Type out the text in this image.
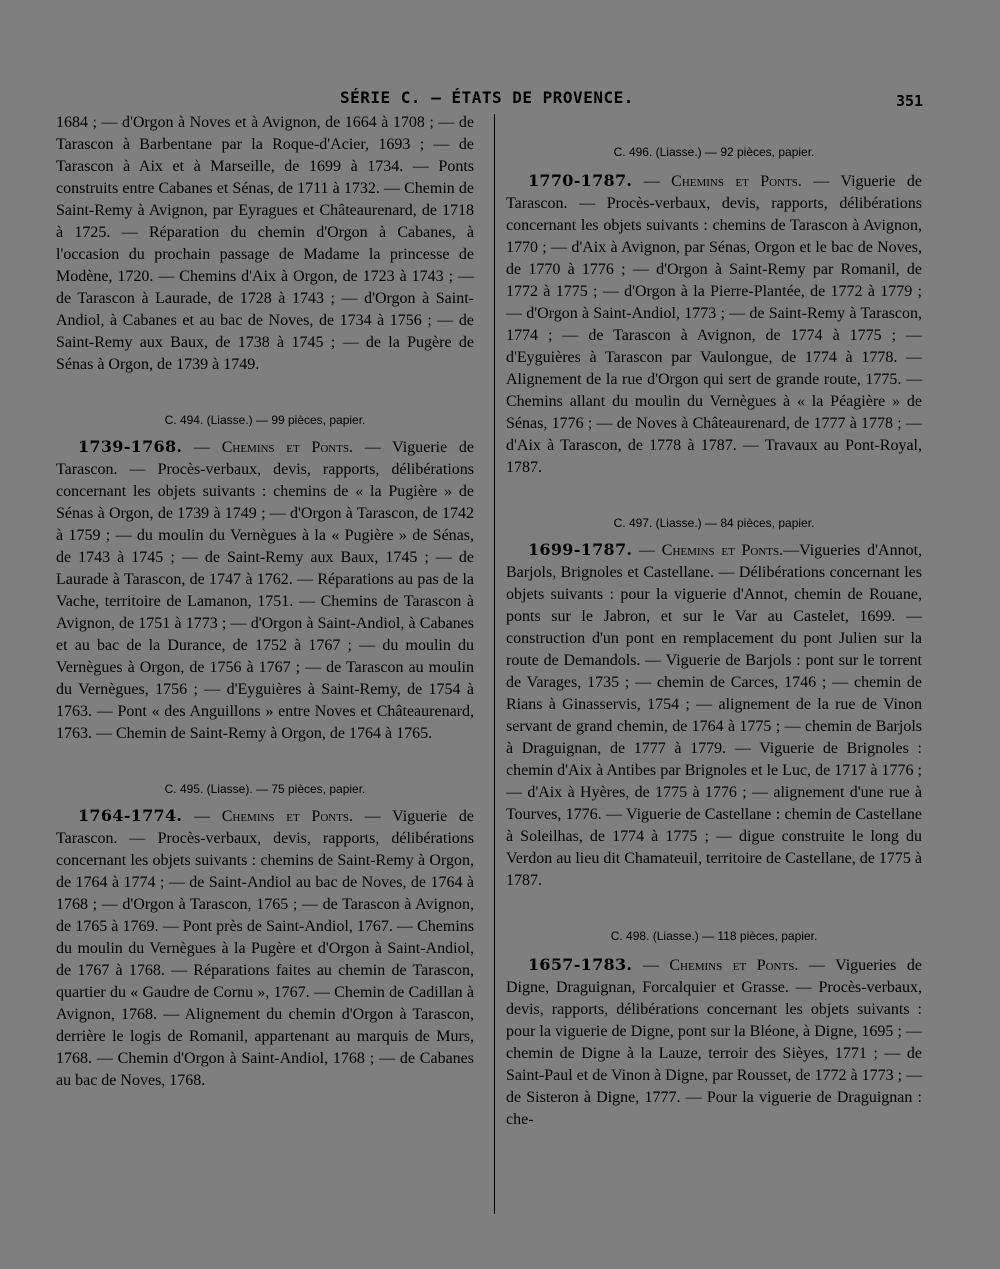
SÉRIE C. — ÉTATS DE PROVENCE.	351

1684 ; — d'Orgon à Noves et à Avignon, de 1664 à 1708 ; — de Tarascon à Barbentane par la Roque-d'Acier, 1693 ; — de Tarascon à Aix et à Marseille, de 1699 à 1734. — Ponts construits entre Cabanes et Sénas, de 1711 à 1732. — Chemin de Saint-Remy à Avignon, par Eyragues et Châteaurenard, de 1718 à 1725. — Réparation du chemin d'Orgon à Cabanes, à l'occasion du prochain passage de Madame la princesse de Modène, 1720. — Chemins d'Aix à Orgon, de 1723 à 1743 ; — de Tarascon à Laurade, de 1728 à 1743 ; — d'Orgon à Saint-Andiol, à Cabanes et au bac de Noves, de 1734 à 1756 ; — de Saint-Remy aux Baux, de 1738 à 1745 ; — de la Pugère de Sénas à Orgon, de 1739 à 1749.

C. 494. (Liasse.) — 99 pièces, papier.

1739-1768. — Chemins et Ponts. — Viguerie de Tarascon. — Procès-verbaux, devis, rapports, délibérations concernant les objets suivants : chemins de « la Pugière » de Sénas à Orgon, de 1739 à 1749 ; — d'Orgon à Tarascon, de 1742 à 1759 ; — du moulin du Vernègues à la « Pugière » de Sénas, de 1743 à 1745 ; — de Saint-Remy aux Baux, 1745 ; — de Laurade à Tarascon, de 1747 à 1762. — Réparations au pas de la Vache, territoire de Lamanon, 1751. — Chemins de Tarascon à Avignon, de 1751 à 1773 ; — d'Orgon à Saint-Andiol, à Cabanes et au bac de la Durance, de 1752 à 1767 ; — du moulin du Vernègues à Orgon, de 1756 à 1767 ; — de Tarascon au moulin du Vernègues, 1756 ; — d'Eyguières à Saint-Remy, de 1754 à 1763. — Pont « des Anguillons » entre Noves et Châteaurenard, 1763. — Chemin de Saint-Remy à Orgon, de 1764 à 1765.

C. 495. (Liasse). — 75 pièces, papier.

1764-1774. — Chemins et Ponts. — Viguerie de Tarascon. — Procès-verbaux, devis, rapports, délibérations concernant les objets suivants : chemins de Saint-Remy à Orgon, de 1764 à 1774 ; — de Saint-Andiol au bac de Noves, de 1764 à 1768 ; — d'Orgon à Tarascon, 1765 ; — de Tarascon à Avignon, de 1765 à 1769. — Pont près de Saint-Andiol, 1767. — Chemins du moulin du Vernègues à la Pugère et d'Orgon à Saint-Andiol, de 1767 à 1768. — Réparations faites au chemin de Tarascon, quartier du « Gaudre de Cornu », 1767. — Chemin de Cadillan à Avignon, 1768. — Alignement du chemin d'Orgon à Tarascon, derrière le logis de Romanil, appartenant au marquis de Murs, 1768. — Chemin d'Orgon à Saint-Andiol, 1768 ; — de Cabanes au bac de Noves, 1768.

C. 496. (Liasse.) — 92 pièces, papier.

1770-1787. — Chemins et Ponts. — Viguerie de Tarascon. — Procès-verbaux, devis, rapports, délibérations concernant les objets suivants : chemins de Tarascon à Avignon, 1770 ; — d'Aix à Avignon, par Sénas, Orgon et le bac de Noves, de 1770 à 1776 ; — d'Orgon à Saint-Remy par Romanil, de 1772 à 1775 ; — d'Orgon à la Pierre-Plantée, de 1772 à 1779 ; — d'Orgon à Saint-Andiol, 1773 ; — de Saint-Remy à Tarascon, 1774 ; — de Tarascon à Avignon, de 1774 à 1775 ; — d'Eyguières à Tarascon par Vaulongue, de 1774 à 1778. — Alignement de la rue d'Orgon qui sert de grande route, 1775. — Chemins allant du moulin du Vernègues à « la Péagière » de Sénas, 1776 ; — de Noves à Châteaurenard, de 1777 à 1778 ; — d'Aix à Tarascon, de 1778 à 1787. — Travaux au Pont-Royal, 1787.

C. 497. (Liasse.) — 84 pièces, papier.

1699-1787. — Chemins et Ponts.—Vigueries d'Annot, Barjols, Brignoles et Castellane. — Délibérations concernant les objets suivants : pour la viguerie d'Annot, chemin de Rouane, ponts sur le Jabron, et sur le Var au Castelet, 1699. — construction d'un pont en remplacement du pont Julien sur la route de Demandols. — Viguerie de Barjols : pont sur le torrent de Varages, 1735 ; — chemin de Carces, 1746 ; — chemin de Rians à Ginasservis, 1754 ; — alignement de la rue de Vinon servant de grand chemin, de 1764 à 1775 ; — chemin de Barjols à Draguignan, de 1777 à 1779. — Viguerie de Brignoles : chemin d'Aix à Antibes par Brignoles et le Luc, de 1717 à 1776 ; — d'Aix à Hyères, de 1775 à 1776 ; — alignement d'une rue à Tourves, 1776. — Viguerie de Castellane : chemin de Castellane à Soleilhas, de 1774 à 1775 ; — digue construite le long du Verdon au lieu dit Chamateuil, territoire de Castellane, de 1775 à 1787.

C. 498. (Liasse.) — 118 pièces, papier.

1657-1783. — Chemins et Ponts. — Vigueries de Digne, Draguignan, Forcalquier et Grasse. — Procès-verbaux, devis, rapports, délibérations concernant les objets suivants : pour la viguerie de Digne, pont sur la Bléone, à Digne, 1695 ; — chemin de Digne à la Lauze, terroir des Sièyes, 1771 ; — de Saint-Paul et de Vinon à Digne, par Rousset, de 1772 à 1773 ; — de Sisteron à Digne, 1777. — Pour la viguerie de Draguignan : che-
